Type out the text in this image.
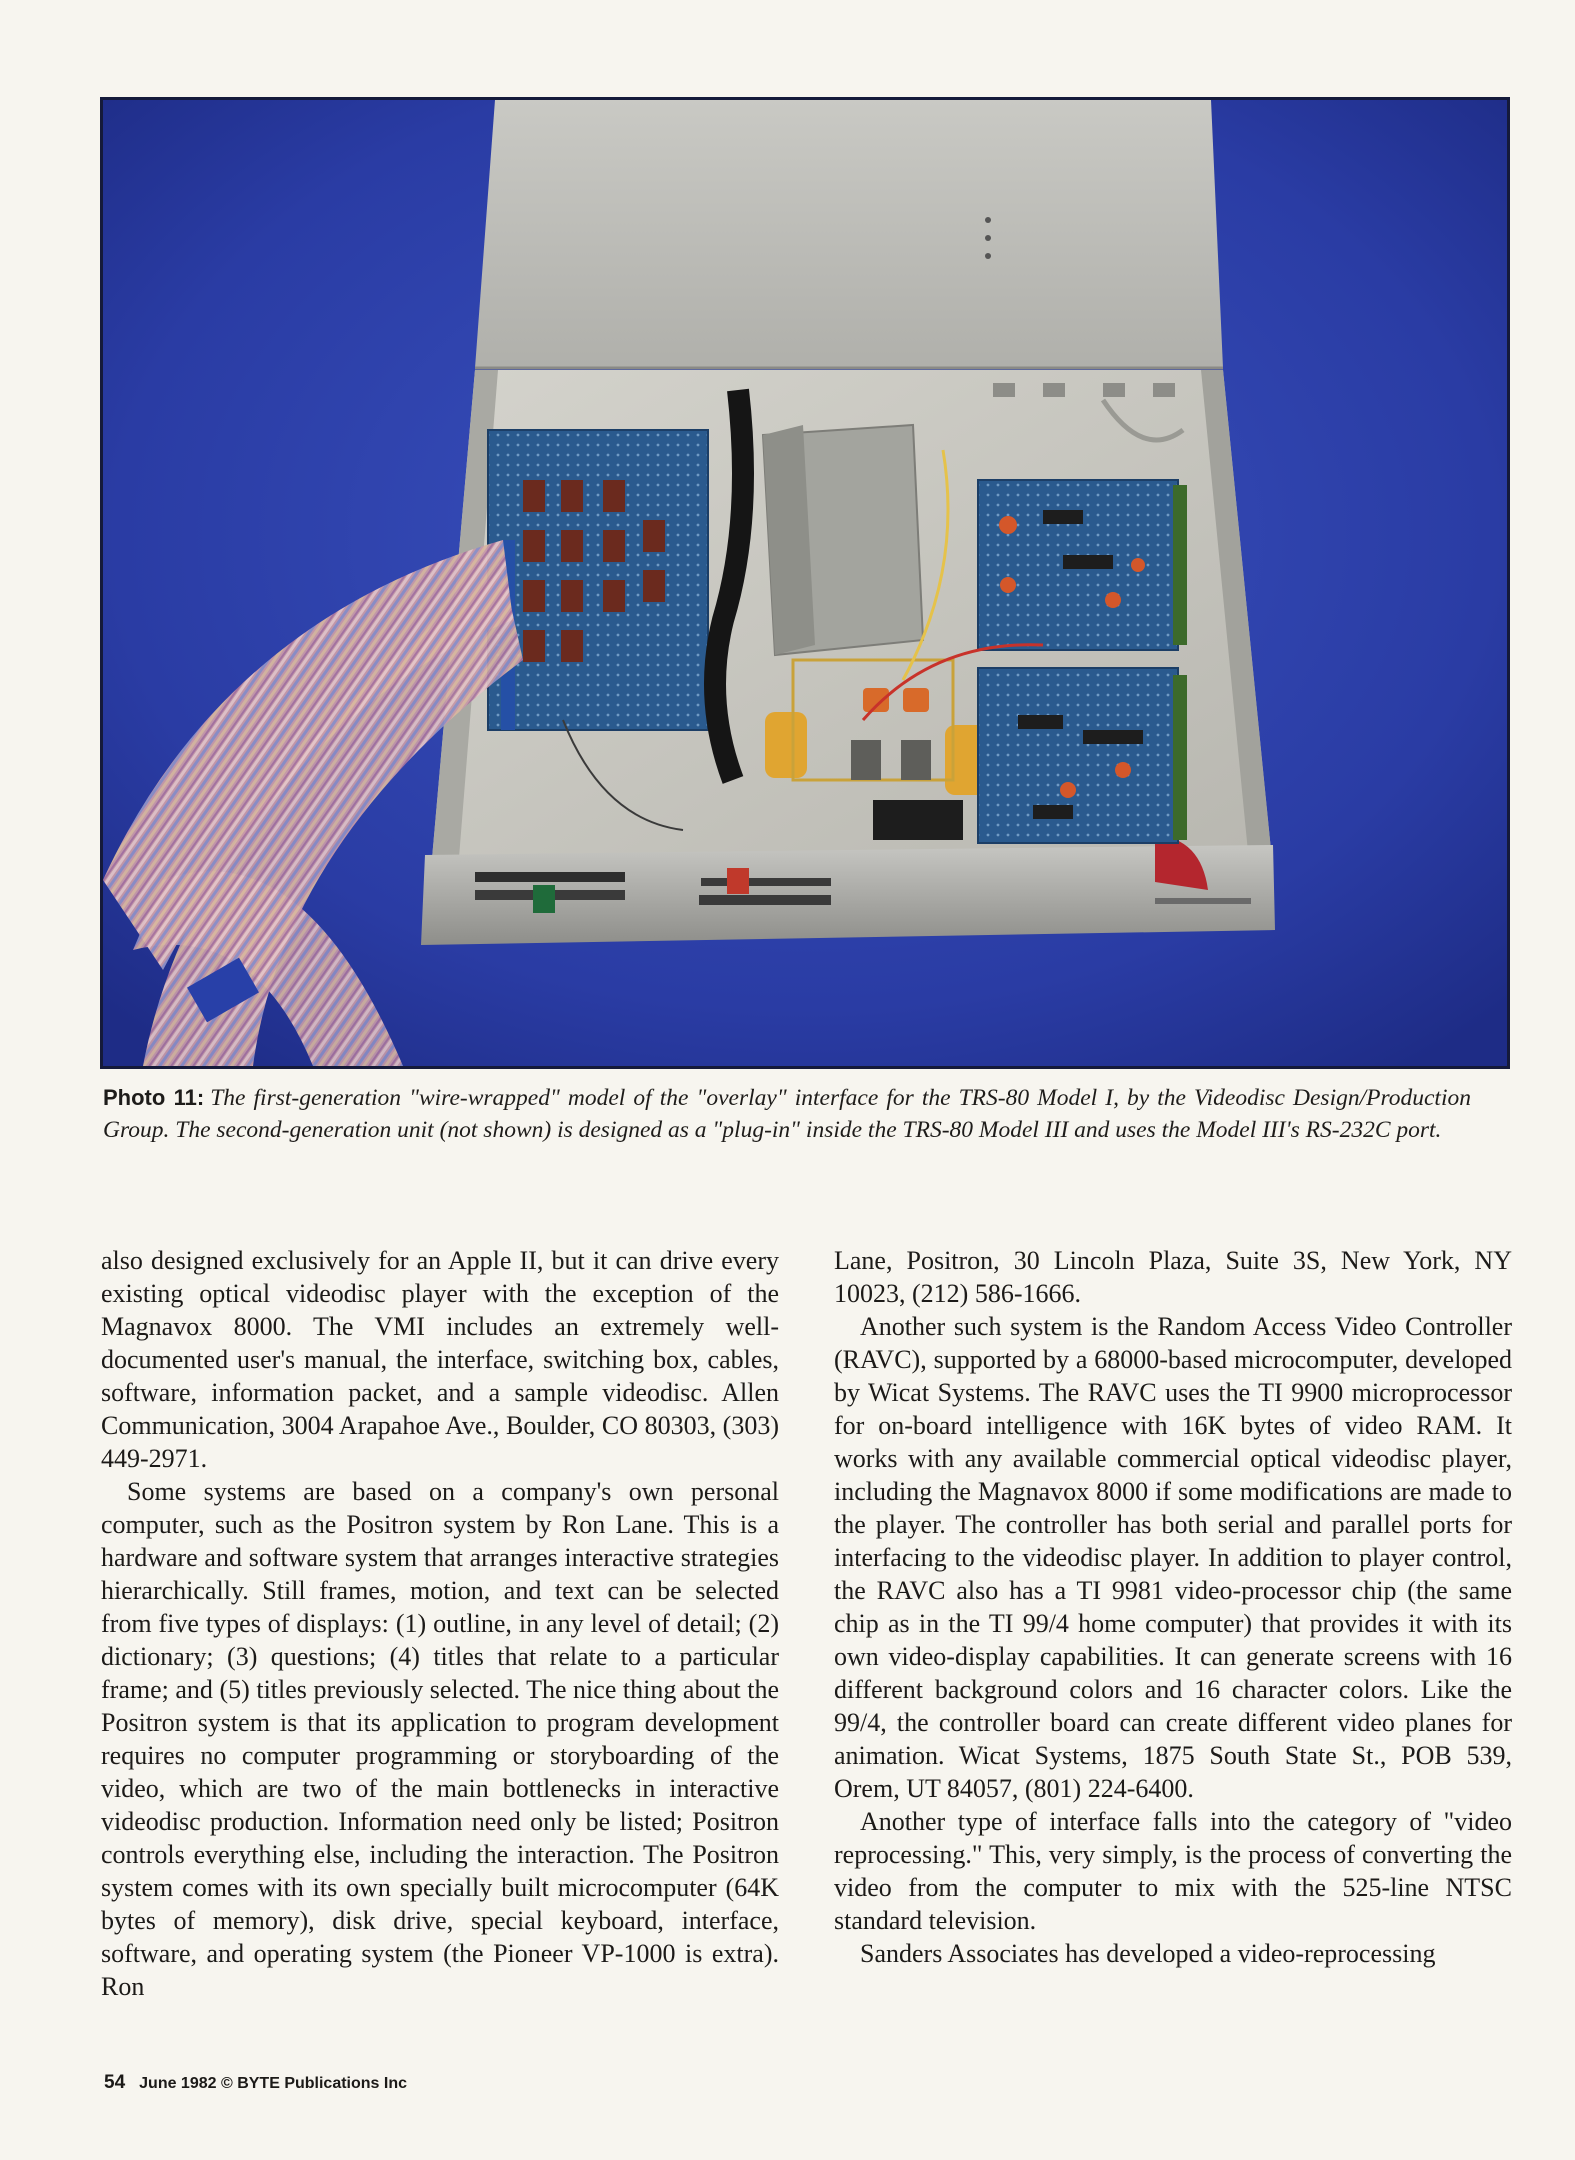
Photo 11: The first-generation "wire-wrapped" model of the "overlay" interface for the TRS-80 Model I, by the Videodisc Design/Production Group. The second-generation unit (not shown) is designed as a "plug-in" inside the TRS-80 Model III and uses the Model III's RS-232C port.

also designed exclusively for an Apple II, but it can drive every existing optical videodisc player with the exception of the Magnavox 8000. The VMI includes an extremely well-documented user's manual, the interface, switching box, cables, software, information packet, and a sample videodisc. Allen Communication, 3004 Arapahoe Ave., Boulder, CO 80303, (303) 449-2971.

Some systems are based on a company's own personal computer, such as the Positron system by Ron Lane. This is a hardware and software system that arranges interactive strategies hierarchically. Still frames, motion, and text can be selected from five types of displays: (1) outline, in any level of detail; (2) dictionary; (3) questions; (4) titles that relate to a particular frame; and (5) titles previously selected. The nice thing about the Positron system is that its application to program development requires no computer programming or storyboarding of the video, which are two of the main bottlenecks in interactive videodisc production. Information need only be listed; Positron controls everything else, including the interaction. The Positron system comes with its own specially built microcomputer (64K bytes of memory), disk drive, special keyboard, interface, software, and operating system (the Pioneer VP-1000 is extra). Ron

Lane, Positron, 30 Lincoln Plaza, Suite 3S, New York, NY 10023, (212) 586-1666.

Another such system is the Random Access Video Controller (RAVC), supported by a 68000-based microcomputer, developed by Wicat Systems. The RAVC uses the TI 9900 microprocessor for on-board intelligence with 16K bytes of video RAM. It works with any available commercial optical videodisc player, including the Magnavox 8000 if some modifications are made to the player. The controller has both serial and parallel ports for interfacing to the videodisc player. In addition to player control, the RAVC also has a TI 9981 video-processor chip (the same chip as in the TI 99/4 home computer) that provides it with its own video-display capabilities. It can generate screens with 16 different background colors and 16 character colors. Like the 99/4, the controller board can create different video planes for animation. Wicat Systems, 1875 South State St., POB 539, Orem, UT 84057, (801) 224-6400.

Another type of interface falls into the category of "video reprocessing." This, very simply, is the process of converting the video from the computer to mix with the 525-line NTSC standard television.

Sanders Associates has developed a video-reprocessing

54 June 1982 © BYTE Publications Inc
